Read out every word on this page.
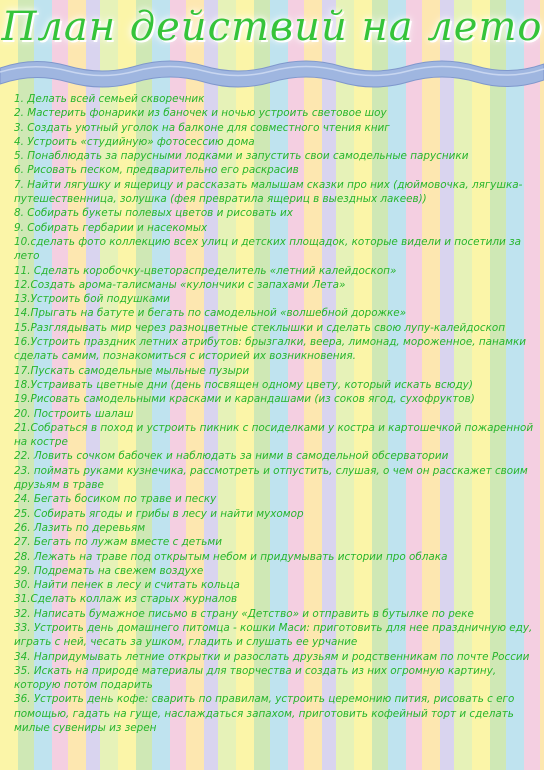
План действий на лето
1. Делать всей семьей скворечник
2. Мастерить фонарики из баночек и ночью устроить световое шоу
3. Создать уютный уголок на балконе для совместного чтения книг
4. Устроить «студийную» фотосессию дома
5. Понаблюдать за парусными лодками и запустить свои самодельные парусники
6. Рисовать песком, предварительно его раскрасив
7. Найти лягушку и ящерицу и рассказать малышам сказки про них (дюймовочка, лягушка-путешественница, золушка (фея превратила ящериц в выездных лакеев))
8. Собирать букеты полевых цветов и рисовать их
9. Собирать гербарии и насекомых
10.сделать фото коллекцию всех улиц и детских площадок, которые видели и посетили за лето
11. Сделать коробочку-цветораспределитель «летний калейдоскоп»
12.Создать арома-талисманы «кулончики с запахами Лета»
13.Устроить бой подушками
14.Прыгать на батуте и бегать по самодельной «волшебной дорожке»
15.Разглядывать мир через разноцветные стеклышки и сделать свою лупу-калейдоскоп
16.Устроить праздник летних атрибутов: брызгалки, веера, лимонад, мороженное, панамки сделать самим, познакомиться с историей их возникновения.
17.Пускать самодельные мыльные пузыри
18.Устраивать цветные дни (день посвящен одному цвету, который искать всюду)
19.Рисовать самодельными красками и карандашами (из соков ягод, сухофруктов)
20. Построить шалаш
21.Собраться в поход и устроить пикник с посиделками у костра и картошечкой пожаренной на костре
22. Ловить сочком бабочек и наблюдать за ними в самодельной обсерватории
23. поймать руками кузнечика, рассмотреть и отпустить, слушая, о чем он расскажет своим друзьям в траве
24. Бегать босиком по траве и песку
25. Собирать ягоды и грибы в лесу и найти мухомор
26. Лазить по деревьям
27. Бегать по лужам вместе с детьми
28. Лежать на траве под открытым небом и придумывать истории про облака
29. Подремать на свежем воздухе
30. Найти пенек в лесу и считать кольца
31.Сделать коллаж из старых журналов
32. Написать бумажное письмо в страну «Детство» и отправить в бутылке по реке
33. Устроить день домашнего питомца - кошки Маси: приготовить для нее праздничную еду, играть с ней, чесать за ушком, гладить и слушать ее урчание
34. Напридумывать летние открытки и разослать друзьям и родственникам по почте России
35. Искать на природе материалы для творчества и создать из них огромную картину, которую потом подарить
36. Устроить день кофе: сварить по правилам, устроить церемонию пития, рисовать с его помощью, гадать на гуще, наслаждаться запахом, приготовить кофейный торт и сделать милые сувениры из зерен
